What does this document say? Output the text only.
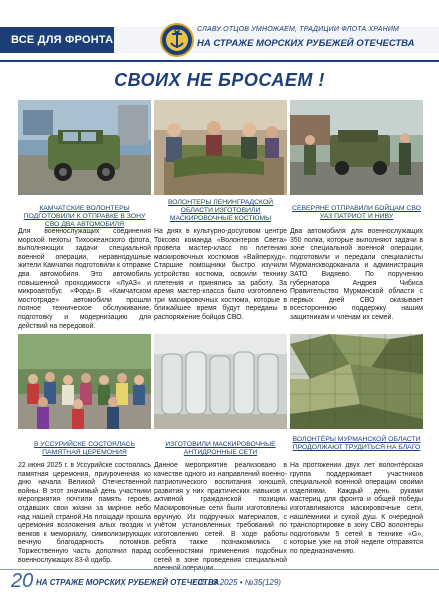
ВСЕ ДЛЯ ФРОНТА
СЛАВУ ОТЦОВ УМНОЖАЕМ, ТРАДИЦИИ ФЛОТА ХРАНИМ
НА СТРАЖЕ МОРСКИХ РУБЕЖЕЙ ОТЕЧЕСТВА
СВОИХ НЕ БРОСАЕМ !
КАМЧАТСКИЕ ВОЛОНТЕРЫ ПОДГОТОВИЛИ К ОТПРАВКЕ В ЗОНУ СВО ДВА АВТОМОБИЛЯ
Для военнослужащих соединения морской пехоты Тихоокеанского флота, выполняющих задачи специальной военной операции, неравнодушные жители Камчатки подготовили к отправке два автомобиля. Это автомобиль повышенной проходимости «ЛуАЗ» и микроавтобус «Форд».В «Камчатском мостотряде» автомобили прошли полное техническое обслуживание, подготовку и модернизацию для действий на передовой.
ВОЛОНТЕРЫ ЛЕНИНГРАДСКОЙ ОБЛАСТИ ИЗГОТОВИЛИ МАСКИРОВОЧНЫЕ КОСТЮМЫ
На днях в культурно-досуговом центре Токсово команда «Волонтеров Света» провела мастер-класс по плетению маскировочных костюмов «Вайперхуд». Старшие помощники быстро изучили устройство костюма, освоили технику плетения и принялись за работу. За время мастер-класса было изготовлено три маскировочных костюма, которые в ближайшее время будут переданы в распоряжение бойцов СВО.
СЕВЕРЯНЕ ОТПРАВИЛИ БОЙЦАМ СВО УАЗ ПАТРИОТ И НИВУ
Два автомобиля для военнослужащих 350 полка, которые выполняют задачи в зоне специальной военной операции, подготовили и передали специалисты Мурманскводоканала и администрация ЗАТО Видяево. По поручению губернатора Андрея Чибиса Правительство Мурманской области с первых дней СВО оказывает всестороннюю поддержку нашим защитникам и членам их семей.
В УССУРИЙСКЕ СОСТОЯЛАСЬ ПАМЯТНАЯ ЦЕРЕМОНИЯ
22 июня 2025 г. в Уссурийске состоялась памятная церемония, приуроченная ко дню начала Великой Отечественной войны. В этот значимый день участники мероприятия почтили память героев, отдавших свои жизни за мирное небо над нашей страной.На площади прошла церемония возложения алых гвоздик и венков к мемориалу, символизирующих вечную благодарность потомков. Торжественную часть дополнил парад военнослужащих 83-й одибр.
ИЗГОТОВИЛИ МАСКИРОВОЧНЫЕ АНТИДРОННЫЕ СЕТИ
Данное мероприятие реализовано в качестве одного из направлений военно-патриотического воспитания юношей, развития у них практических навыков и активной гражданской позиции. Маскировочные сети были изготовлены вручную. Из подручных материалов, с учётом установленных требований по изготовлению сетей. В ходе работы ребята также познакомились с особенностями применения подобных сетей в зоне проведения специальной
ВОЛОНТЁРЫ МУРМАНСКОЙ ОБЛАСТИ ПРОДОЛЖАЮТ ТРУДИТЬСЯ НА БЛАГО
На протяжении двух лет волонтёрская группа поддерживает участников специальной военной операции своими изделиями. Каждый день руками мастериц для фронта и общей победы изготавливаются маскировочные сети, нашлемники и сухой душ. К очередной транспортировке в зону СВО волонтеры подготовили 5 сетей в технике «G», которые уже на этой неделе отправятся по предназначению.
20 НА СТРАЖЕ МОРСКИХ РУБЕЖЕЙ ОТЕЧЕСТВА
/ 05.09.2025 • №35(129)
